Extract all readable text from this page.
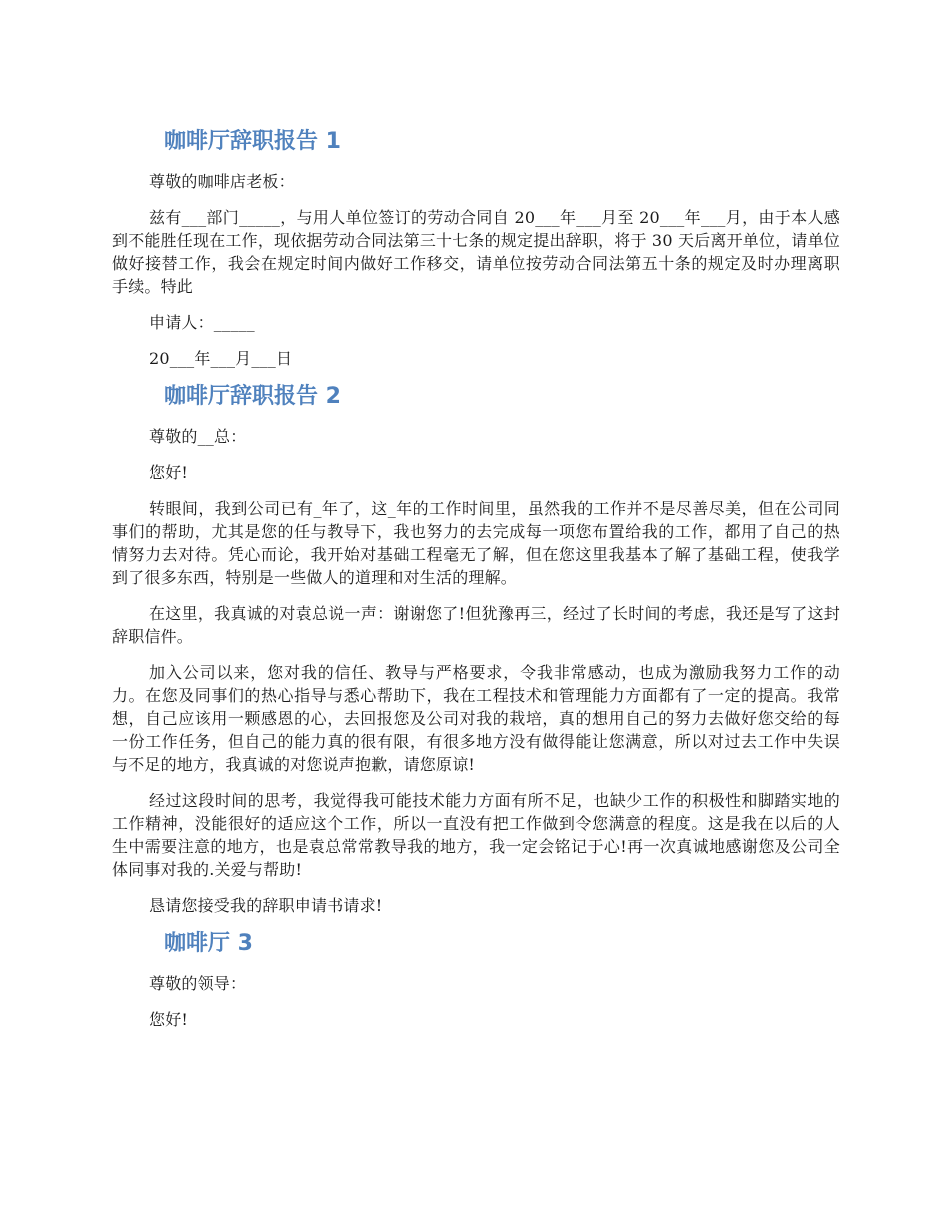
咖啡厅辞职报告 1

尊敬的咖啡店老板：

兹有___部门_____，与用人单位签订的劳动合同自 20___年___月至 20___年___月，由于本人感到不能胜任现在工作，现依据劳动合同法第三十七条的规定提出辞职，将于 30 天后离开单位，请单位做好接替工作，我会在规定时间内做好工作移交，请单位按劳动合同法第五十条的规定及时办理离职手续。特此

申请人：_____

20___年___月___日

咖啡厅辞职报告 2

尊敬的__总：

您好!

转眼间，我到公司已有_年了，这_年的工作时间里，虽然我的工作并不是尽善尽美，但在公司同事们的帮助，尤其是您的任与教导下，我也努力的去完成每一项您布置给我的工作，都用了自己的热情努力去对待。凭心而论，我开始对基础工程毫无了解，但在您这里我基本了解了基础工程，使我学到了很多东西，特别是一些做人的道理和对生活的理解。

在这里，我真诚的对袁总说一声：谢谢您了!但犹豫再三，经过了长时间的考虑，我还是写了这封辞职信件。

加入公司以来，您对我的信任、教导与严格要求，令我非常感动，也成为激励我努力工作的动力。在您及同事们的热心指导与悉心帮助下，我在工程技术和管理能力方面都有了一定的提高。我常想，自己应该用一颗感恩的心，去回报您及公司对我的栽培，真的想用自己的努力去做好您交给的每一份工作任务，但自己的能力真的很有限，有很多地方没有做得能让您满意，所以对过去工作中失误与不足的地方，我真诚的对您说声抱歉，请您原谅!

经过这段时间的思考，我觉得我可能技术能力方面有所不足，也缺少工作的积极性和脚踏实地的工作精神，没能很好的适应这个工作，所以一直没有把工作做到令您满意的程度。这是我在以后的人生中需要注意的地方，也是袁总常常教导我的地方，我一定会铭记于心!再一次真诚地感谢您及公司全体同事对我的.关爱与帮助!

恳请您接受我的辞职申请书请求!

咖啡厅 3

尊敬的领导：

您好!
